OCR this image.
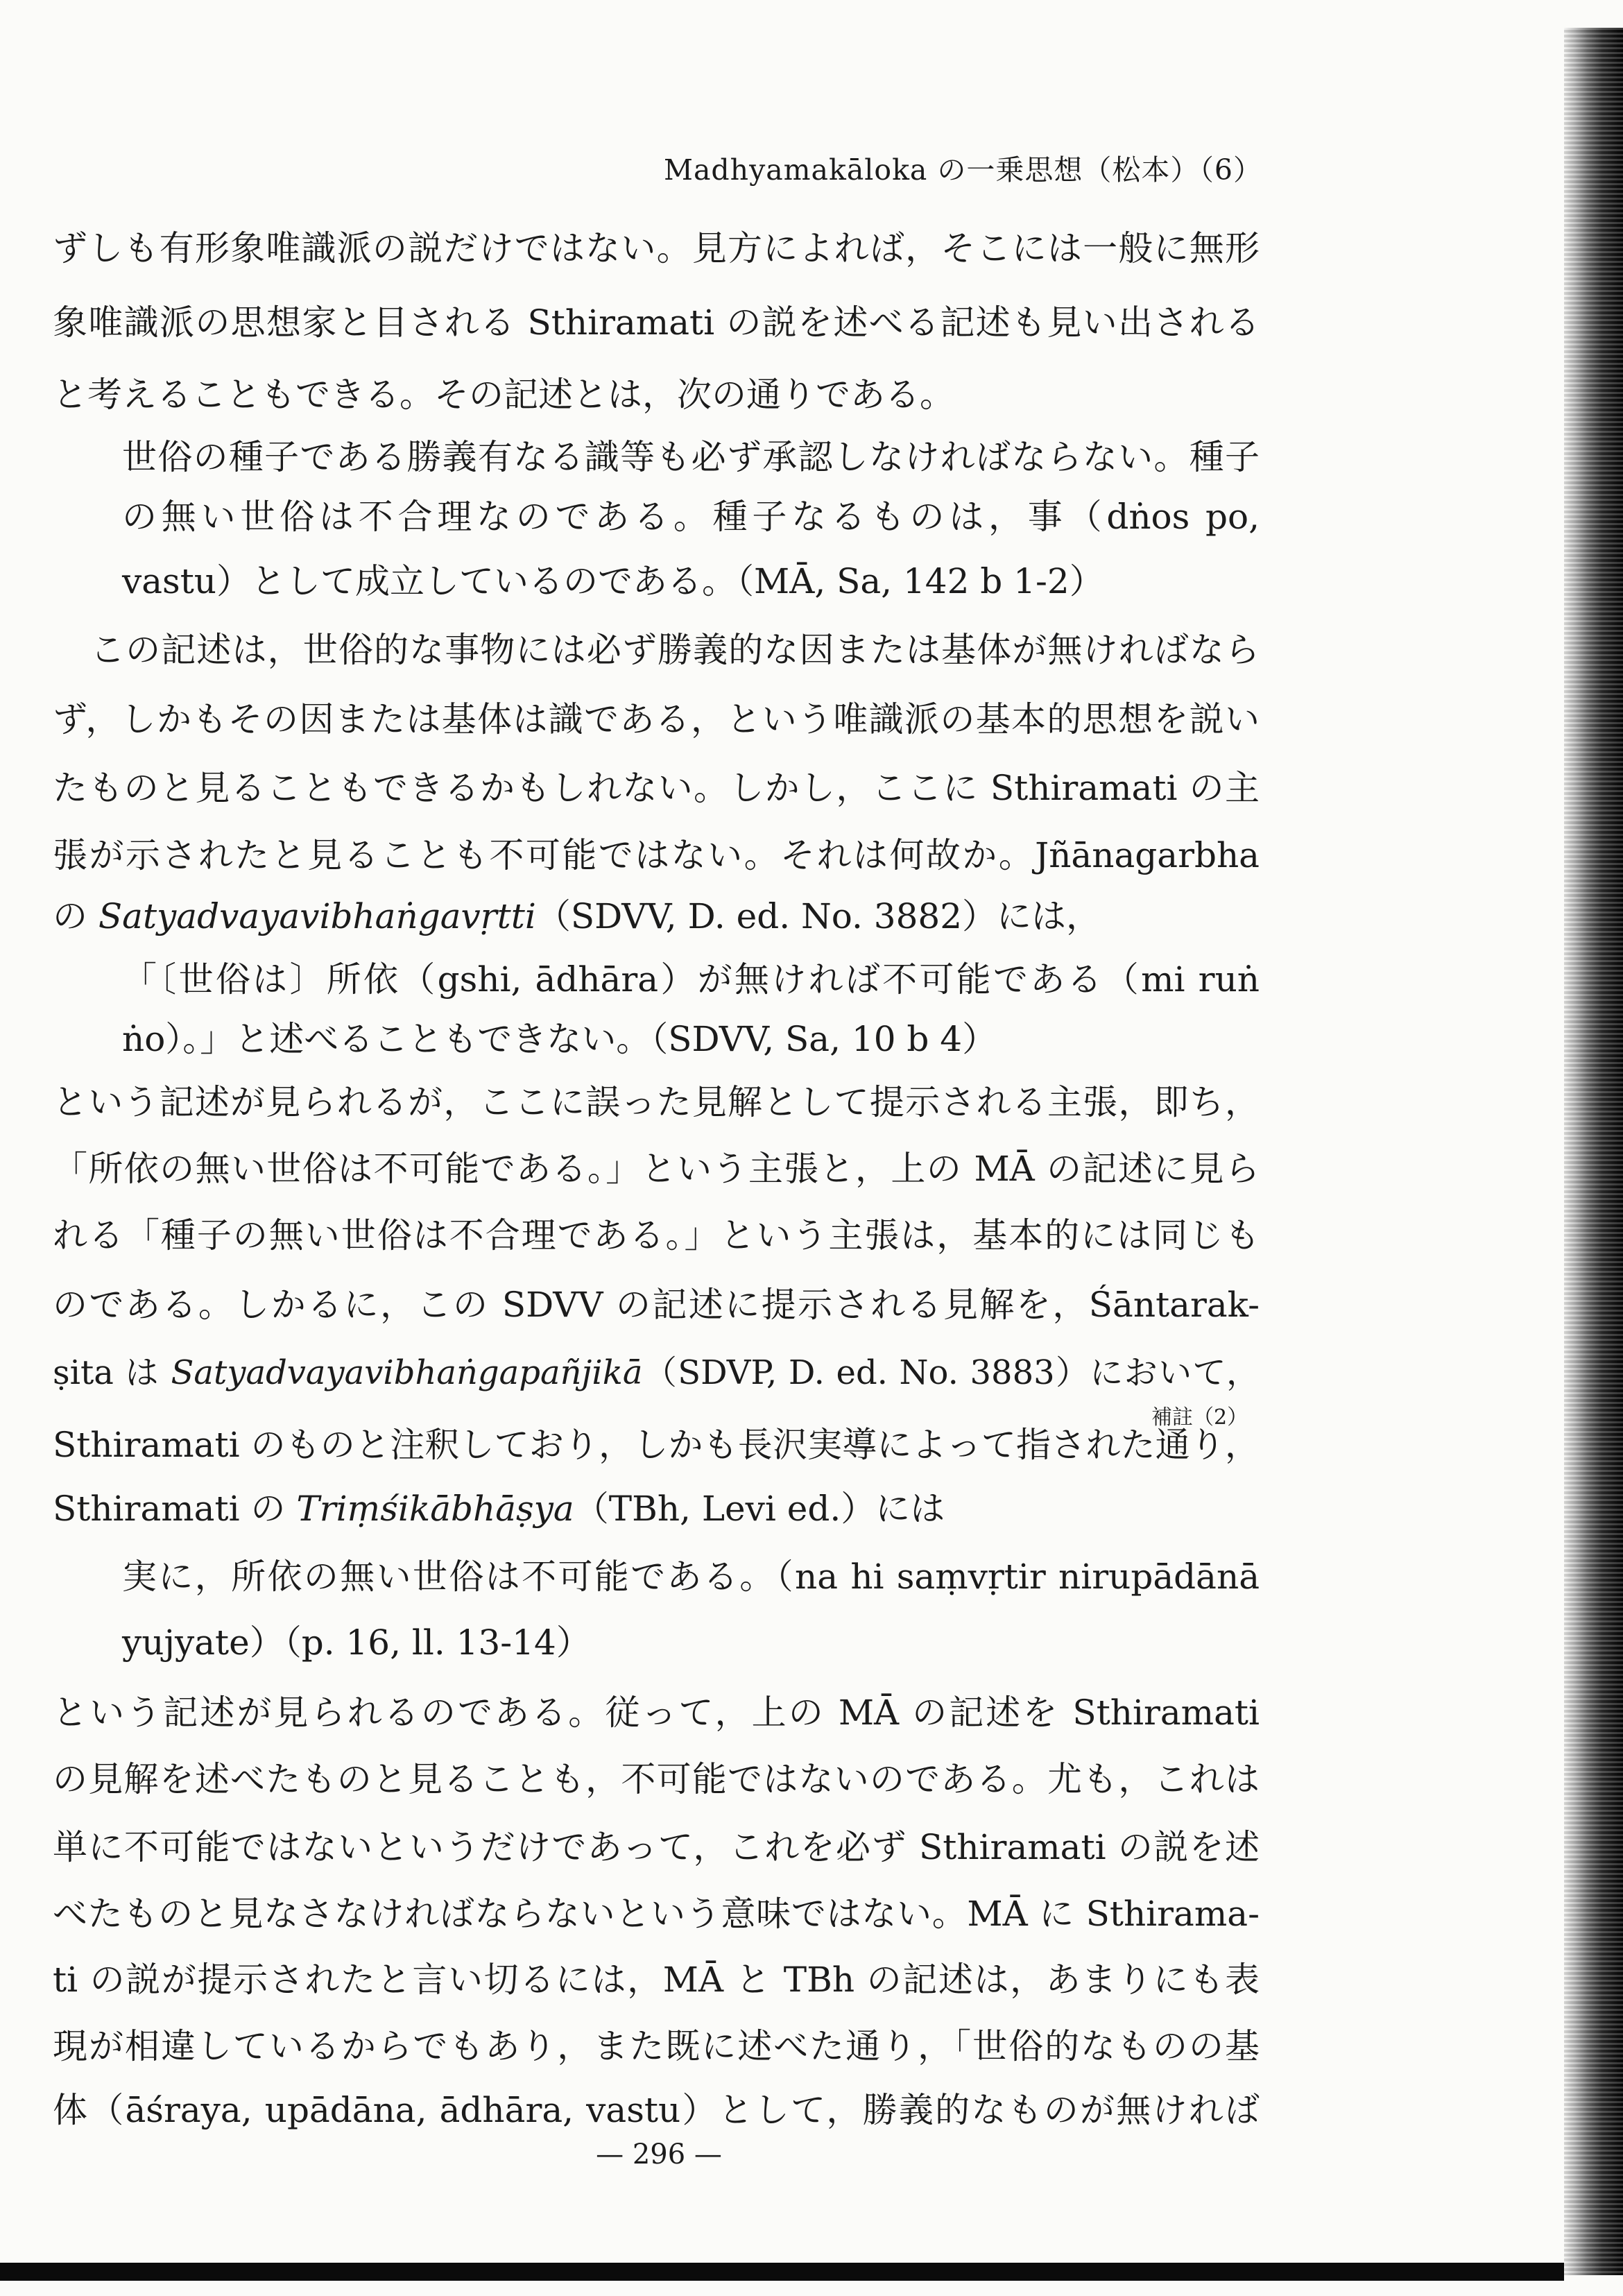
Madhyamakāloka の一乗思想（松本）（6）
ずしも有形象唯識派の説だけではない。見方によれば，そこには一般に無形
象唯識派の思想家と目される Sthiramati の説を述べる記述も見い出される
と考えることもできる。その記述とは，次の通りである。
世俗の種子である勝義有なる識等も必ず承認しなければならない。種子
の無い世俗は不合理なのである。種子なるものは，事（dṅos po,
vastu）として成立しているのである。（MĀ, Sa, 142 b 1-2）
この記述は，世俗的な事物には必ず勝義的な因または基体が無ければなら
ず，しかもその因または基体は識である，という唯識派の基本的思想を説い
たものと見ることもできるかもしれない。しかし，ここに Sthiramati の主
張が示されたと見ることも不可能ではない。それは何故か。Jñānagarbha
の Satyadvayavibhaṅgavṛtti（SDVV, D. ed. No. 3882）には，
「〔世俗は〕所依（gshi, ādhāra）が無ければ不可能である（mi ruṅ
ṅo）。」と述べることもできない。（SDVV, Sa, 10 b 4）
という記述が見られるが，ここに誤った見解として提示される主張，即ち，
「所依の無い世俗は不可能である。」という主張と，上の MĀ の記述に見ら
れる「種子の無い世俗は不合理である。」という主張は，基本的には同じも
のである。しかるに，この SDVV の記述に提示される見解を，Śāntarak-
ṣita は Satyadvayavibhaṅgapañjikā（SDVP, D. ed. No. 3883）において，
補註（2）
Sthiramati のものと注釈しており，しかも長沢実導によって指された通り，
Sthiramati の Triṃśikābhāṣya（TBh, Levi ed.）には
実に，所依の無い世俗は不可能である。（na hi saṃvṛtir nirupādānā
yujyate）（p. 16, ll. 13-14）
という記述が見られるのである。従って，上の MĀ の記述を Sthiramati
の見解を述べたものと見ることも，不可能ではないのである。尤も，これは
単に不可能ではないというだけであって，これを必ず Sthiramati の説を述
べたものと見なさなければならないという意味ではない。MĀ に Sthirama-
ti の説が提示されたと言い切るには，MĀ と TBh の記述は，あまりにも表
現が相違しているからでもあり，また既に述べた通り，「世俗的なものの基
体（āśraya, upādāna, ādhāra, vastu）として，勝義的なものが無ければ
— 296 —
